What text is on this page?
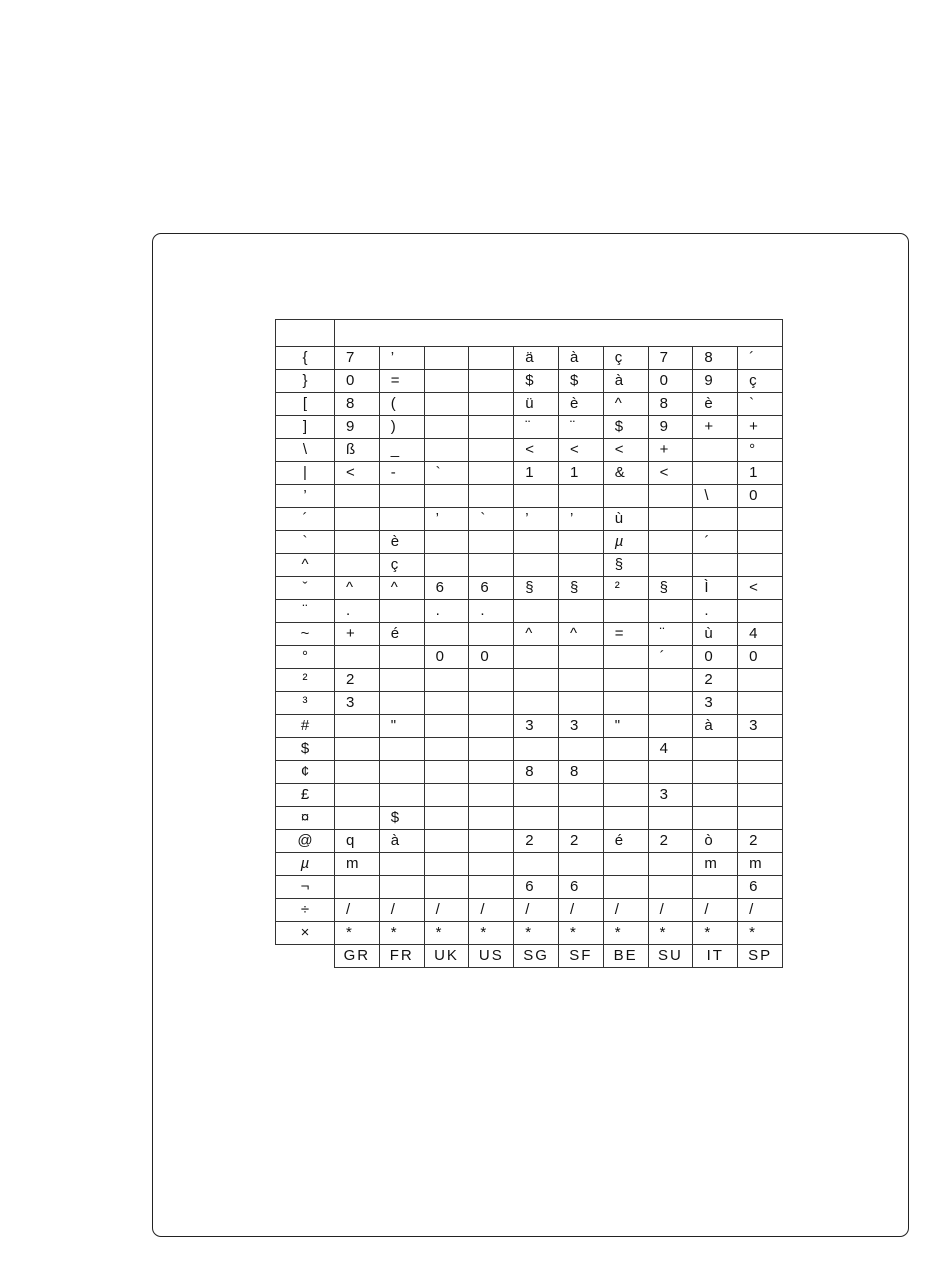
{	7	’			ä	à	ç	7	8	´
}	0	=			$	$	à	0	9	ç
[	8	(			ü	è	^	8	è	`
]	9	)			¨	¨	$	9	+	+
\	ß	_			<	<	<	+		°
|	<	-	`		1	1	&	<		1
’									\	0
´			’	`	’	’	ù			
`		è					µ		´	
^		ç					§			
ˇ	^	^	6	6	§	§	²	§	Ì	<
¨	.		.	.					.	
~	+	é			^	^	=	¨	ù	4
°			0	0				´	0	0
²	2								2	
³	3								3	
#		"			3	3	"		à	3
$								4		
¢					8	8				
£								3		
¤		$								
@	q	à			2	2	é	2	ò	2
µ	m								m	m
¬					6	6				6
÷	/	/	/	/	/	/	/	/	/	/
×	*	*	*	*	*	*	*	*	*	*
	GR	FR	UK	US	SG	SF	BE	SU	IT	SP
